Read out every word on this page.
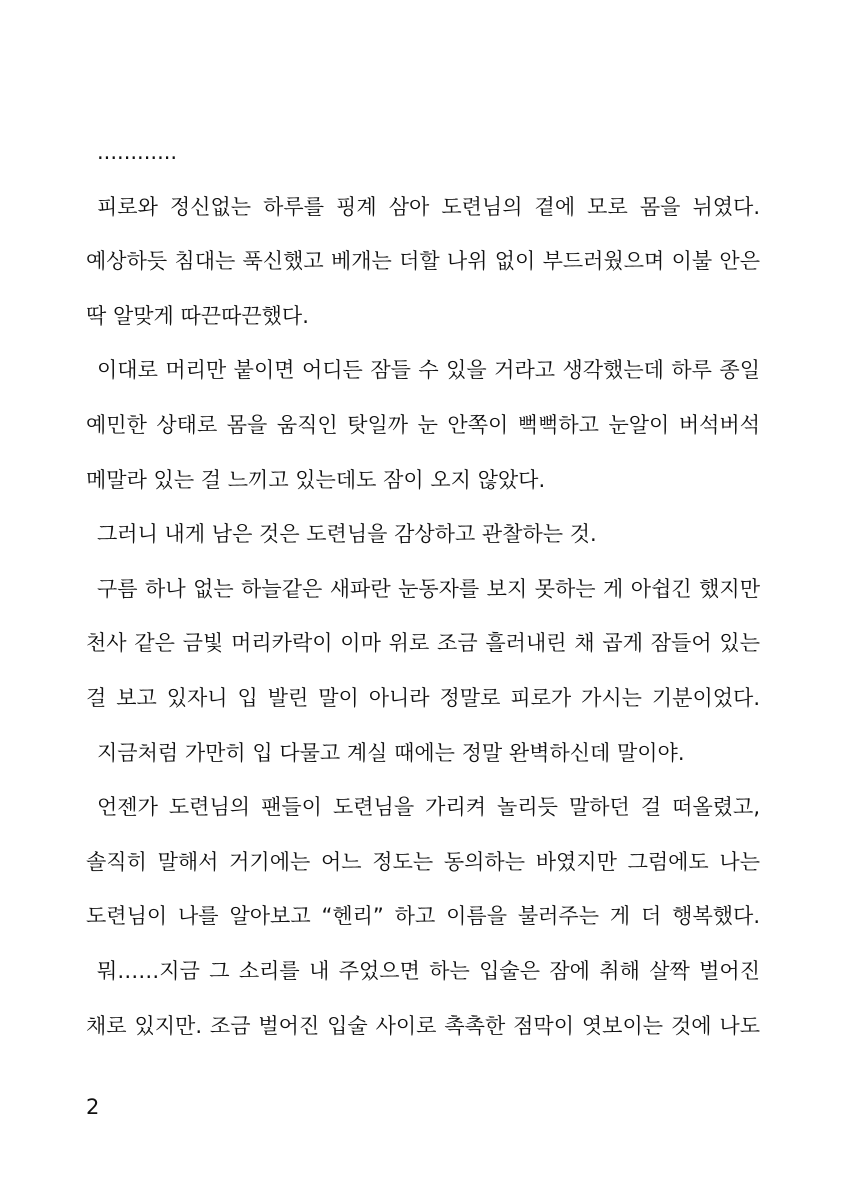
............
피로와 정신없는 하루를 핑계 삼아 도련님의 곁에 모로 몸을 뉘였다.
예상하듯 침대는 푹신했고 베개는 더할 나위 없이 부드러웠으며 이불 안은
딱 알맞게 따끈따끈했다.
이대로 머리만 붙이면 어디든 잠들 수 있을 거라고 생각했는데 하루 종일
예민한 상태로 몸을 움직인 탓일까 눈 안쪽이 뻑뻑하고 눈알이 버석버석
메말라 있는 걸 느끼고 있는데도 잠이 오지 않았다.
그러니 내게 남은 것은 도련님을 감상하고 관찰하는 것.
구름 하나 없는 하늘같은 새파란 눈동자를 보지 못하는 게 아쉽긴 했지만
천사 같은 금빛 머리카락이 이마 위로 조금 흘러내린 채 곱게 잠들어 있는
걸 보고 있자니 입 발린 말이 아니라 정말로 피로가 가시는 기분이었다.
지금처럼 가만히 입 다물고 계실 때에는 정말 완벽하신데 말이야.
언젠가 도련님의 팬들이 도련님을 가리켜 놀리듯 말하던 걸 떠올렸고,
솔직히 말해서 거기에는 어느 정도는 동의하는 바였지만 그럼에도 나는
도련님이 나를 알아보고 “헨리” 하고 이름을 불러주는 게 더 행복했다.
뭐……지금 그 소리를 내 주었으면 하는 입술은 잠에 취해 살짝 벌어진
채로 있지만. 조금 벌어진 입술 사이로 촉촉한 점막이 엿보이는 것에 나도
2
